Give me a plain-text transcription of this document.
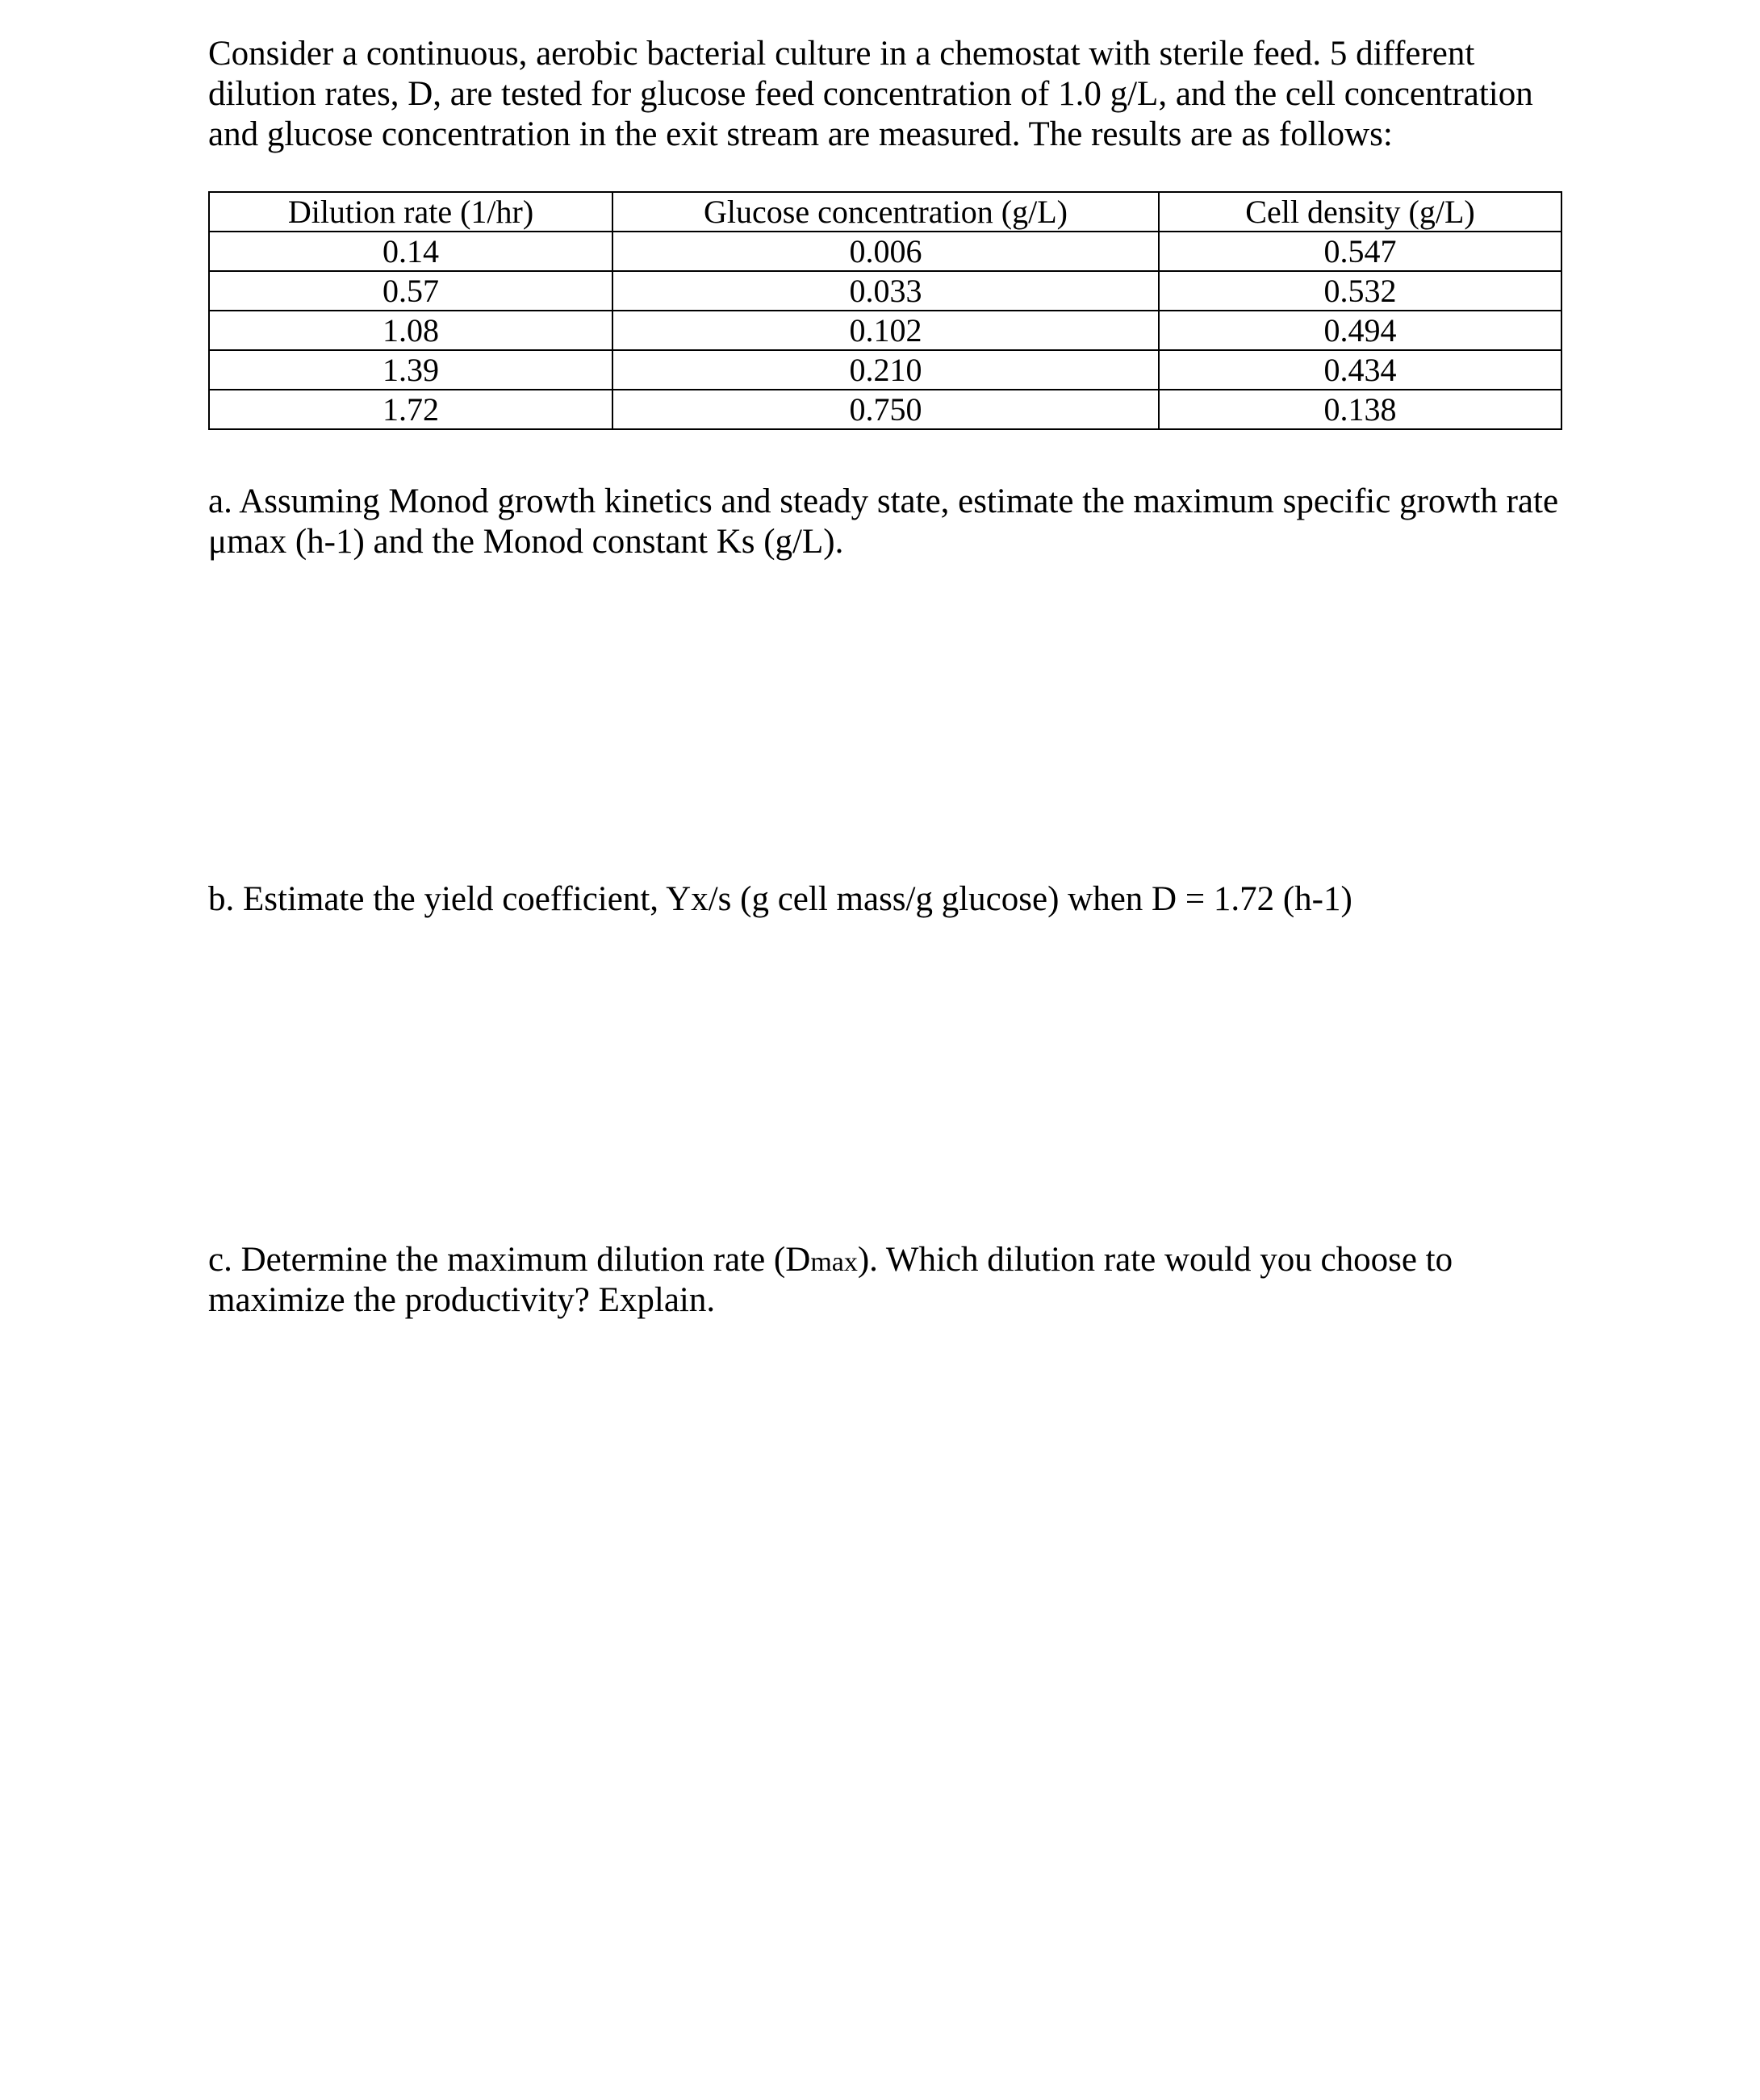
Consider a continuous, aerobic bacterial culture in a chemostat with sterile feed. 5 different
dilution rates, D, are tested for glucose feed concentration of 1.0 g/L, and the cell concentration
and glucose concentration in the exit stream are measured. The results are as follows:

Dilution rate (1/hr)	Glucose concentration (g/L)	Cell density (g/L)
0.14	0.006	0.547
0.57	0.033	0.532
1.08	0.102	0.494
1.39	0.210	0.434
1.72	0.750	0.138

a. Assuming Monod growth kinetics and steady state, estimate the maximum specific growth rate
μmax (h-1) and the Monod constant Ks (g/L).

b. Estimate the yield coefficient, Yx/s (g cell mass/g glucose) when D = 1.72 (h-1)

c. Determine the maximum dilution rate (Dmax). Which dilution rate would you choose to
maximize the productivity? Explain.
